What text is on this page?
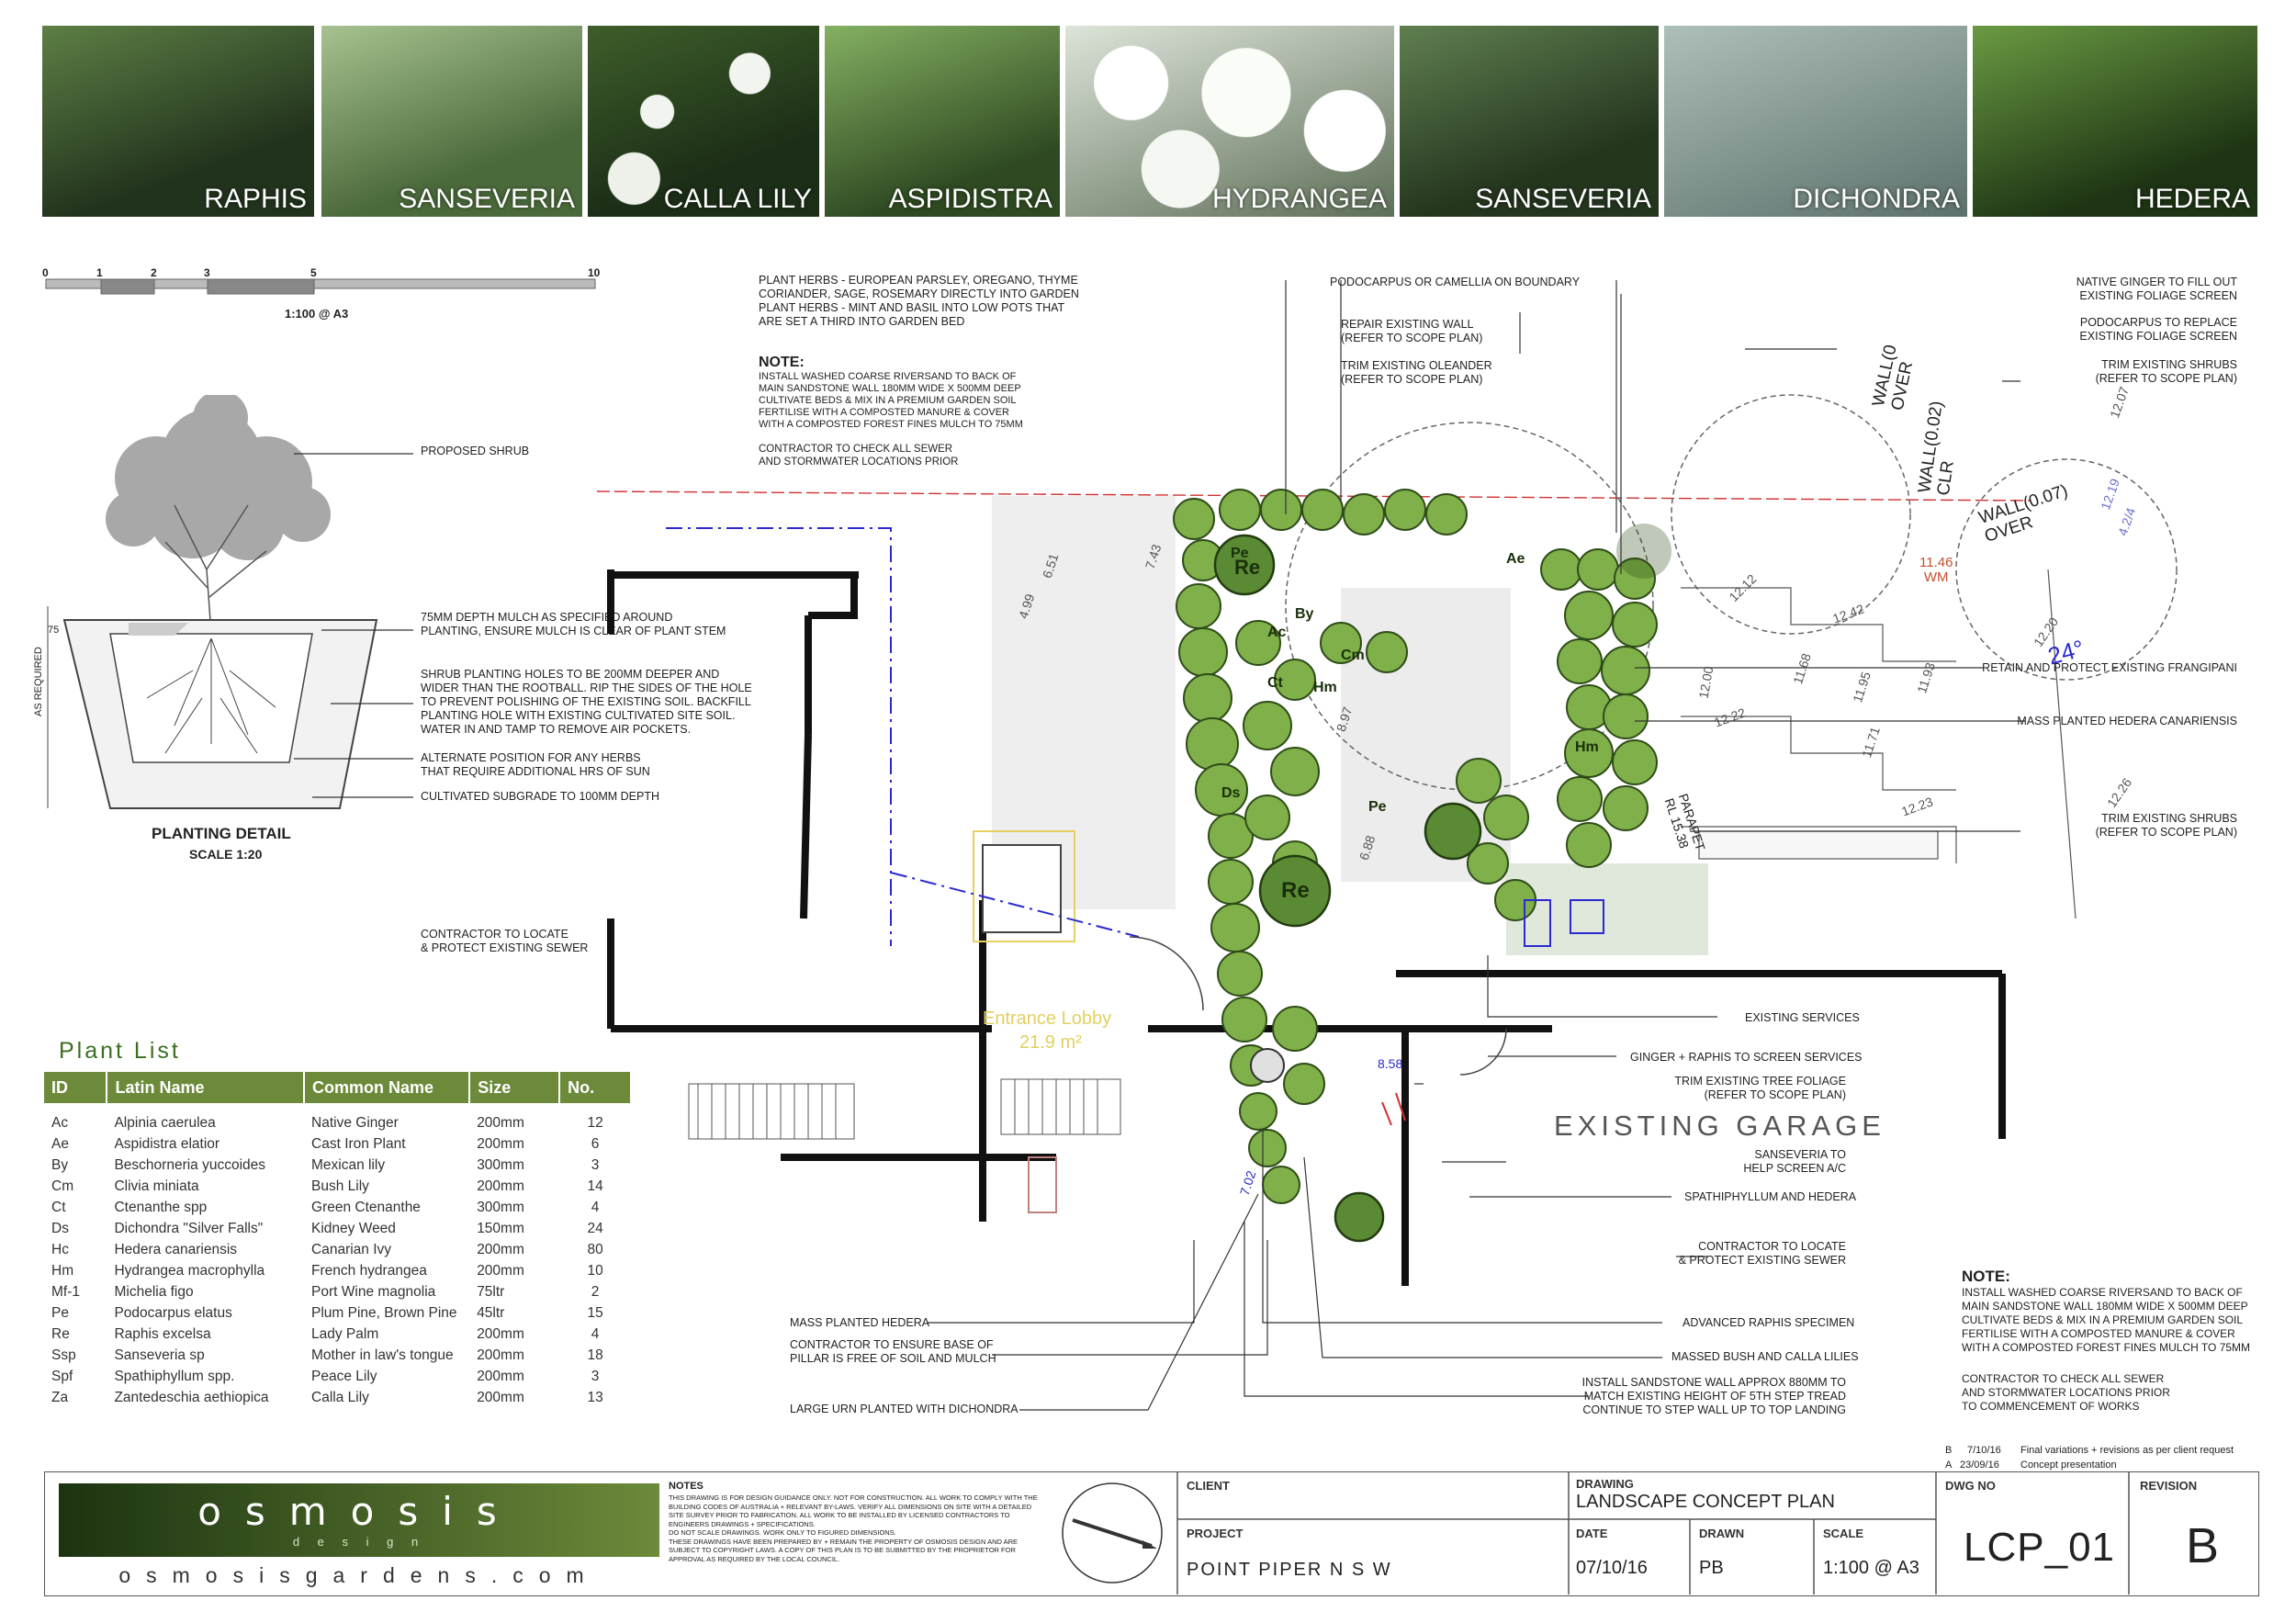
RAPHIS	SANSEVERIA	CALLA LILY	ASPIDISTRA	HYDRANGEA	SANSEVERIA	DICHONDRA	HEDERA
0	1	2	3	5	10
1:100 @ A3
75
AS REQUIRED
PLANTING DETAIL
SCALE 1:20
PROPOSED SHRUB
75MM DEPTH MULCH AS SPECIFIED AROUND
PLANTING, ENSURE MULCH IS CLEAR OF PLANT STEM
SHRUB PLANTING HOLES TO BE 200MM DEEPER AND
WIDER THAN THE ROOTBALL. RIP THE SIDES OF THE HOLE
TO PREVENT POLISHING OF THE EXISTING SOIL. BACKFILL
PLANTING HOLE WITH EXISTING CULTIVATED SITE SOIL.
WATER IN AND TAMP TO REMOVE AIR POCKETS.
ALTERNATE POSITION FOR ANY HERBS
THAT REQUIRE ADDITIONAL HRS OF SUN
CULTIVATED SUBGRADE TO 100MM DEPTH
CONTRACTOR TO LOCATE
& PROTECT EXISTING SEWER
PLANT HERBS - EUROPEAN PARSLEY, OREGANO, THYME
CORIANDER, SAGE, ROSEMARY DIRECTLY INTO GARDEN
PLANT HERBS - MINT AND BASIL INTO LOW POTS THAT
ARE SET A THIRD INTO GARDEN BED
NOTE:
INSTALL WASHED COARSE RIVERSAND TO BACK OF
MAIN SANDSTONE WALL 180MM WIDE X 500MM DEEP
CULTIVATE BEDS & MIX IN A PREMIUM GARDEN SOIL
FERTILISE WITH A COMPOSTED MANURE & COVER
WITH A COMPOSTED FOREST FINES MULCH TO 75MM
CONTRACTOR TO CHECK ALL SEWER
AND STORMWATER LOCATIONS PRIOR
Pe
Re
Ac
By
Hm
Ct
Cm
Ae
Ds
Re
Pe
Hm
EXISTING GARAGE
Entrance Lobby
21.9 m²
WALL(0
OVER
WALL(0.02)
CLR
WALL(0.07)
OVER
11.46
WM
PARAPET
RL 15.38
24°
6.51	7.43
4.99
8.97
6.88
12.12
12.42
11.68
12.00	11.95	11.93
12.22
11.71
12.23
12.20
12.26
12.07
12.19
8.58
7.02
4.2/4
PODOCARPUS OR CAMELLIA ON BOUNDARY
REPAIR EXISTING WALL
(REFER TO SCOPE PLAN)
TRIM EXISTING OLEANDER
(REFER TO SCOPE PLAN)
NATIVE GINGER TO FILL OUT
EXISTING FOLIAGE SCREEN
PODOCARPUS TO REPLACE
EXISTING FOLIAGE SCREEN
TRIM EXISTING SHRUBS
(REFER TO SCOPE PLAN)
RETAIN AND PROTECT EXISTING FRANGIPANI
MASS PLANTED HEDERA CANARIENSIS
TRIM EXISTING SHRUBS
(REFER TO SCOPE PLAN)
EXISTING SERVICES
GINGER + RAPHIS TO SCREEN SERVICES
TRIM EXISTING TREE FOLIAGE
(REFER TO SCOPE PLAN)
SANSEVERIA TO
HELP SCREEN A/C
SPATHIPHYLLUM AND HEDERA
CONTRACTOR TO LOCATE
& PROTECT EXISTING SEWER
ADVANCED RAPHIS SPECIMEN
MASSED BUSH AND CALLA LILIES
INSTALL SANDSTONE WALL APPROX 880MM TO
MATCH EXISTING HEIGHT OF 5TH STEP TREAD
CONTINUE TO STEP WALL UP TO TOP LANDING
MASS PLANTED HEDERA
CONTRACTOR TO ENSURE BASE OF
PILLAR IS FREE OF SOIL AND MULCH
LARGE URN PLANTED WITH DICHONDRA
Plant List
ID	Latin Name	Common Name	Size	No.

Ac	Alpinia caerulea	Native Ginger	200mm	12
Ae	Aspidistra elatior	Cast Iron Plant	200mm	6
By	Beschorneria yuccoides	Mexican lily	300mm	3
Cm	Clivia miniata	Bush Lily	200mm	14
Ct	Ctenanthe spp	Green Ctenanthe	300mm	4
Ds	Dichondra "Silver Falls"	Kidney Weed	150mm	24
Hc	Hedera canariensis	Canarian Ivy	200mm	80
Hm	Hydrangea macrophylla	French hydrangea	200mm	10
Mf-1	Michelia figo	Port Wine magnolia	75ltr	2
Pe	Podocarpus elatus	Plum Pine, Brown Pine	45ltr	15
Re	Raphis excelsa	Lady Palm	200mm	4
Ssp	Sanseveria sp	Mother in law's tongue	200mm	18
Spf	Spathiphyllum spp.	Peace Lily	200mm	3
Za	Zantedeschia aethiopica	Calla Lily	200mm	13
NOTE:
INSTALL WASHED COARSE RIVERSAND TO BACK OF
MAIN SANDSTONE WALL 180MM WIDE X 500MM DEEP
CULTIVATE BEDS & MIX IN A PREMIUM GARDEN SOIL
FERTILISE WITH A COMPOSTED MANURE & COVER
WITH A COMPOSTED FOREST FINES MULCH TO 75MM
CONTRACTOR TO CHECK ALL SEWER
AND STORMWATER LOCATIONS PRIOR
TO COMMENCEMENT OF WORKS
B 7/10/16 Final variations + revisions as per client request
A 23/09/16 Concept presentation
osmosis
d e s i g n
osmosisgardens.com
NOTES
THIS DRAWING IS FOR DESIGN GUIDANCE ONLY. NOT FOR CONSTRUCTION. ALL WORK TO COMPLY WITH THE BUILDING CODES OF AUSTRALIA + RELEVANT BY-LAWS. VERIFY ALL DIMENSIONS ON SITE WITH A DETAILED SITE SURVEY PRIOR TO FABRICATION. ALL WORK TO BE INSTALLED BY LICENSED CONTRACTORS TO ENGINEERS DRAWINGS + SPECIFICATIONS.
DO NOT SCALE DRAWINGS. WORK ONLY TO FIGURED DIMENSIONS.
THESE DRAWINGS HAVE BEEN PREPARED BY + REMAIN THE PROPERTY OF OSMOSIS DESIGN AND ARE SUBJECT TO COPYRIGHT LAWS. A COPY OF THIS PLAN IS TO BE SUBMITTED BY THE PROPRIETOR FOR APPROVAL AS REQUIRED BY THE LOCAL COUNCIL.
CLIENT
PROJECT
POINT PIPER N S W
DRAWING
LANDSCAPE CONCEPT PLAN
DATE
07/10/16
DRAWN
PB
SCALE
1:100 @ A3
DWG NO
LCP_01
REVISION
B
